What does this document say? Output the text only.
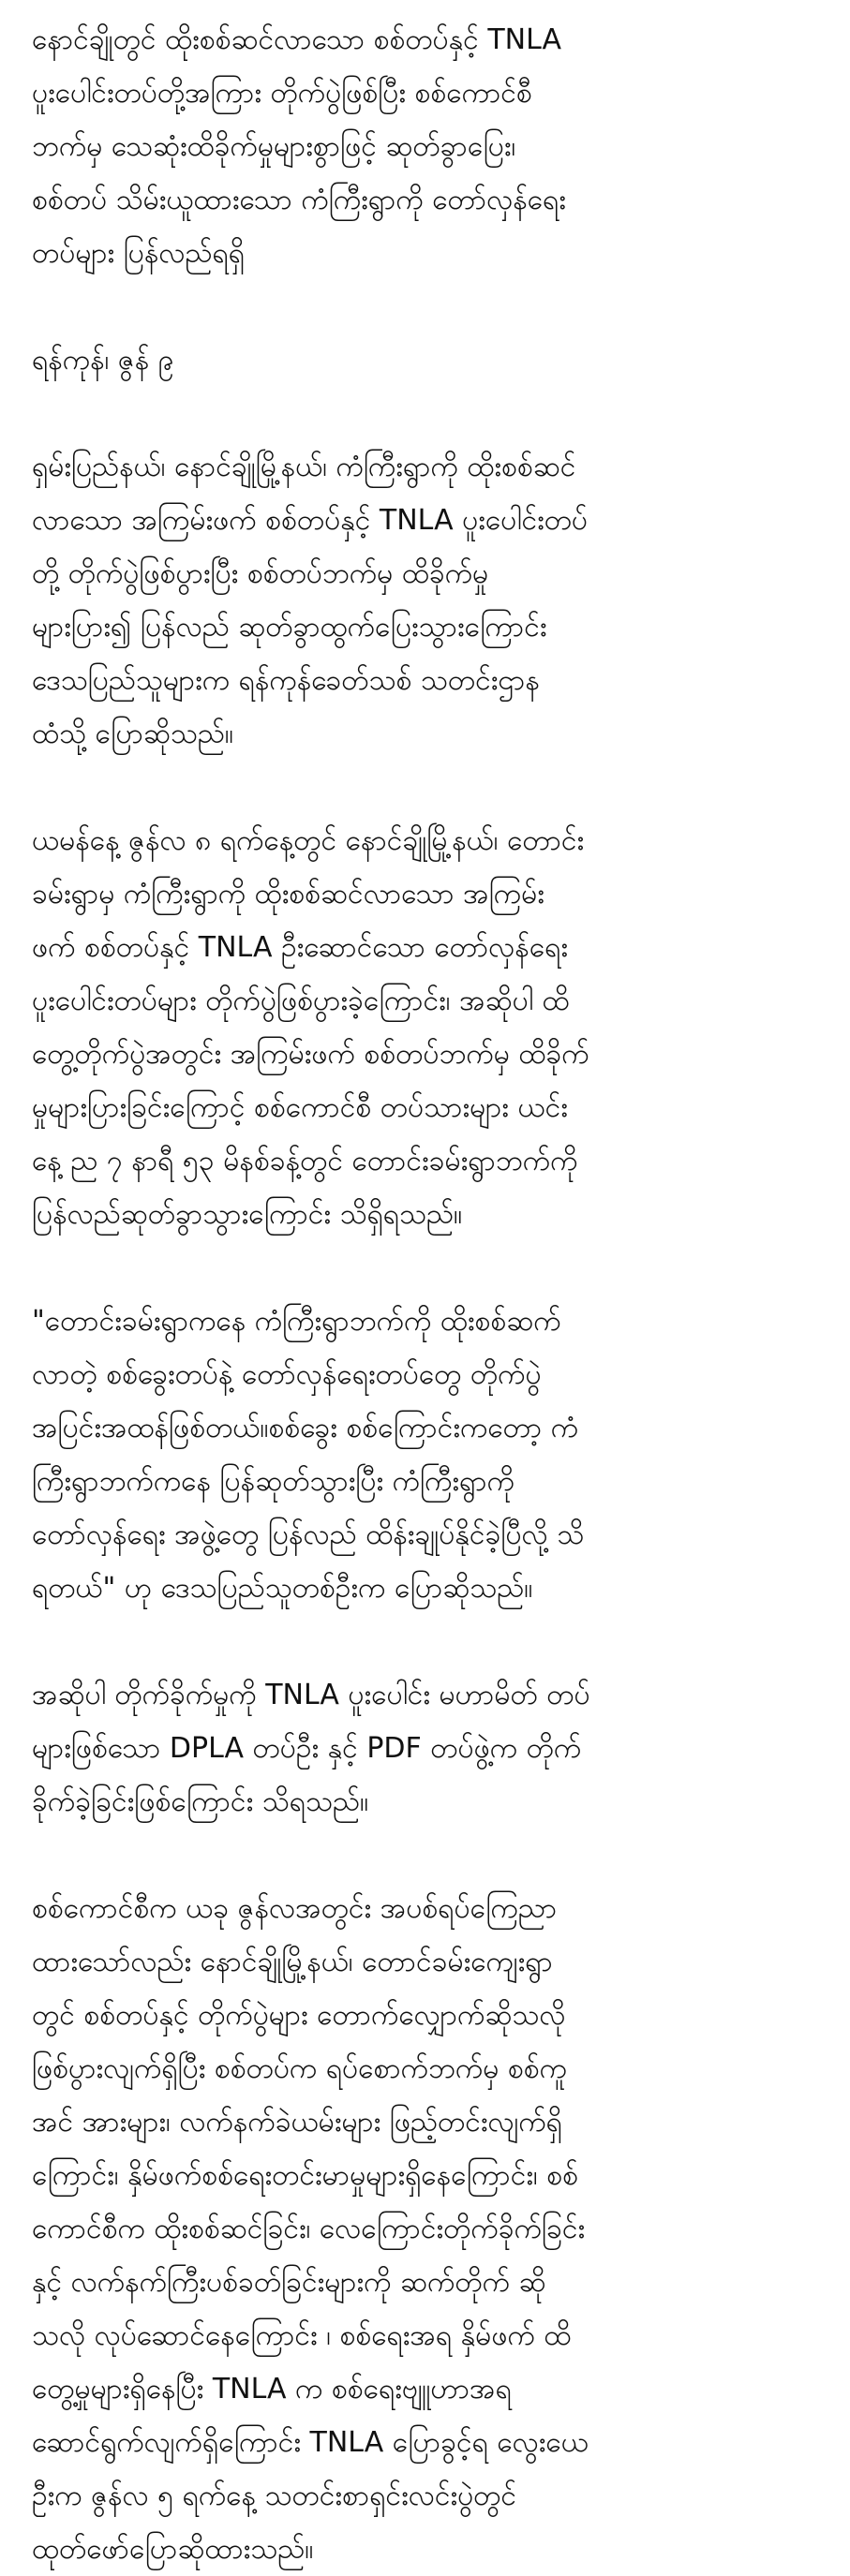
နောင်ချိုတွင် ထိုးစစ်ဆင်လာသော စစ်တပ်နှင့် TNLA
ပူးပေါင်းတပ်တို့အကြား တိုက်ပွဲဖြစ်ပြီး စစ်ကောင်စီ
ဘက်မှ သေဆုံးထိခိုက်မှုများစွာဖြင့် ဆုတ်ခွာပြေး၊
စစ်တပ် သိမ်းယူထားသော ကံကြီးရွာကို တော်လှန်ရေး
တပ်များ ပြန်လည်ရရှိ

ရန်ကုန်၊ ဇွန် ၉

ရှမ်းပြည်နယ်၊ နောင်ချိုမြို့နယ်၊ ကံကြီးရွာကို ထိုးစစ်ဆင်
လာသော အကြမ်းဖက် စစ်တပ်နှင့် TNLA ပူးပေါင်းတပ်
တို့ တိုက်ပွဲဖြစ်ပွားပြီး စစ်တပ်ဘက်မှ ထိခိုက်မှု
များပြား၍ ပြန်လည် ဆုတ်ခွာထွက်ပြေးသွားကြောင်း
ဒေသပြည်သူများက ရန်ကုန်ခေတ်သစ် သတင်းဌာန
ထံသို့ ပြောဆိုသည်။

ယမန်နေ့ ဇွန်လ ၈ ရက်နေ့တွင် နောင်ချိုမြို့နယ်၊ တောင်း
ခမ်းရွာမှ ကံကြီးရွာကို ထိုးစစ်ဆင်လာသော အကြမ်း
ဖက် စစ်တပ်နှင့် TNLA ဦးဆောင်သော တော်လှန်ရေး
ပူးပေါင်းတပ်များ တိုက်ပွဲဖြစ်ပွားခဲ့ကြောင်း၊ အဆိုပါ ထိ
တွေ့တိုက်ပွဲအတွင်း အကြမ်းဖက် စစ်တပ်ဘက်မှ ထိခိုက်
မှုများပြားခြင်းကြောင့် စစ်ကောင်စီ တပ်သားများ ယင်း
နေ့ ည ၇ နာရီ ၅၃ မိနစ်ခန့်တွင် တောင်းခမ်းရွာဘက်ကို
ပြန်လည်ဆုတ်ခွာသွားကြောင်း သိရှိရသည်။

"တောင်းခမ်းရွာကနေ ကံကြီးရွာဘက်ကို ထိုးစစ်ဆက်
လာတဲ့ စစ်ခွေးတပ်နဲ့ တော်လှန်ရေးတပ်တွေ တိုက်ပွဲ
အပြင်းအထန်ဖြစ်တယ်။စစ်ခွေး စစ်ကြောင်းကတော့ ကံ
ကြီးရွာဘက်ကနေ ပြန်ဆုတ်သွားပြီး ကံကြီးရွာကို
တော်လှန်ရေး အဖွဲ့တွေ ပြန်လည် ထိန်းချုပ်နိုင်ခဲ့ပြီလို့ သိ
ရတယ်" ဟု ဒေသပြည်သူတစ်ဦးက ပြောဆိုသည်။

အဆိုပါ တိုက်ခိုက်မှုကို TNLA ပူးပေါင်း မဟာမိတ် တပ်
များဖြစ်သော DPLA တပ်ဦး နှင့် PDF တပ်ဖွဲ့က တိုက်
ခိုက်ခဲ့ခြင်းဖြစ်ကြောင်း သိရသည်။

စစ်ကောင်စီက ယခု ဇွန်လအတွင်း အပစ်ရပ်ကြေညာ
ထားသော်လည်း နောင်ချိုမြို့နယ်၊ တောင်ခမ်းကျေးရွာ
တွင် စစ်တပ်နှင့် တိုက်ပွဲများ တောက်လျှောက်ဆိုသလို
ဖြစ်ပွားလျက်ရှိပြီး စစ်တပ်က ရပ်စောက်ဘက်မှ စစ်ကူ
အင် အားများ၊ လက်နက်ခဲယမ်းများ ဖြည့်တင်းလျက်ရှိ
ကြောင်း၊ နှိမ်ဖက်စစ်ရေးတင်းမာမှုများရှိနေကြောင်း၊ စစ်
ကောင်စီက ထိုးစစ်ဆင်ခြင်း၊ လေကြောင်းတိုက်ခိုက်ခြင်း
နှင့် လက်နက်ကြီးပစ်ခတ်ခြင်းများကို ဆက်တိုက် ဆို
သလို လုပ်ဆောင်နေကြောင်း ၊ စစ်ရေးအရ နှိမ်ဖက် ထိ
တွေ့မှုများရှိနေပြီး TNLA က စစ်ရေးဗျူဟာအရ
ဆောင်ရွက်လျက်ရှိကြောင်း TNLA ပြောခွင့်ရ လွေးယေ
ဦးက ဇွန်လ ၅ ရက်နေ့ သတင်းစာရှင်းလင်းပွဲတွင်
ထုတ်ဖော်ပြောဆိုထားသည်။
